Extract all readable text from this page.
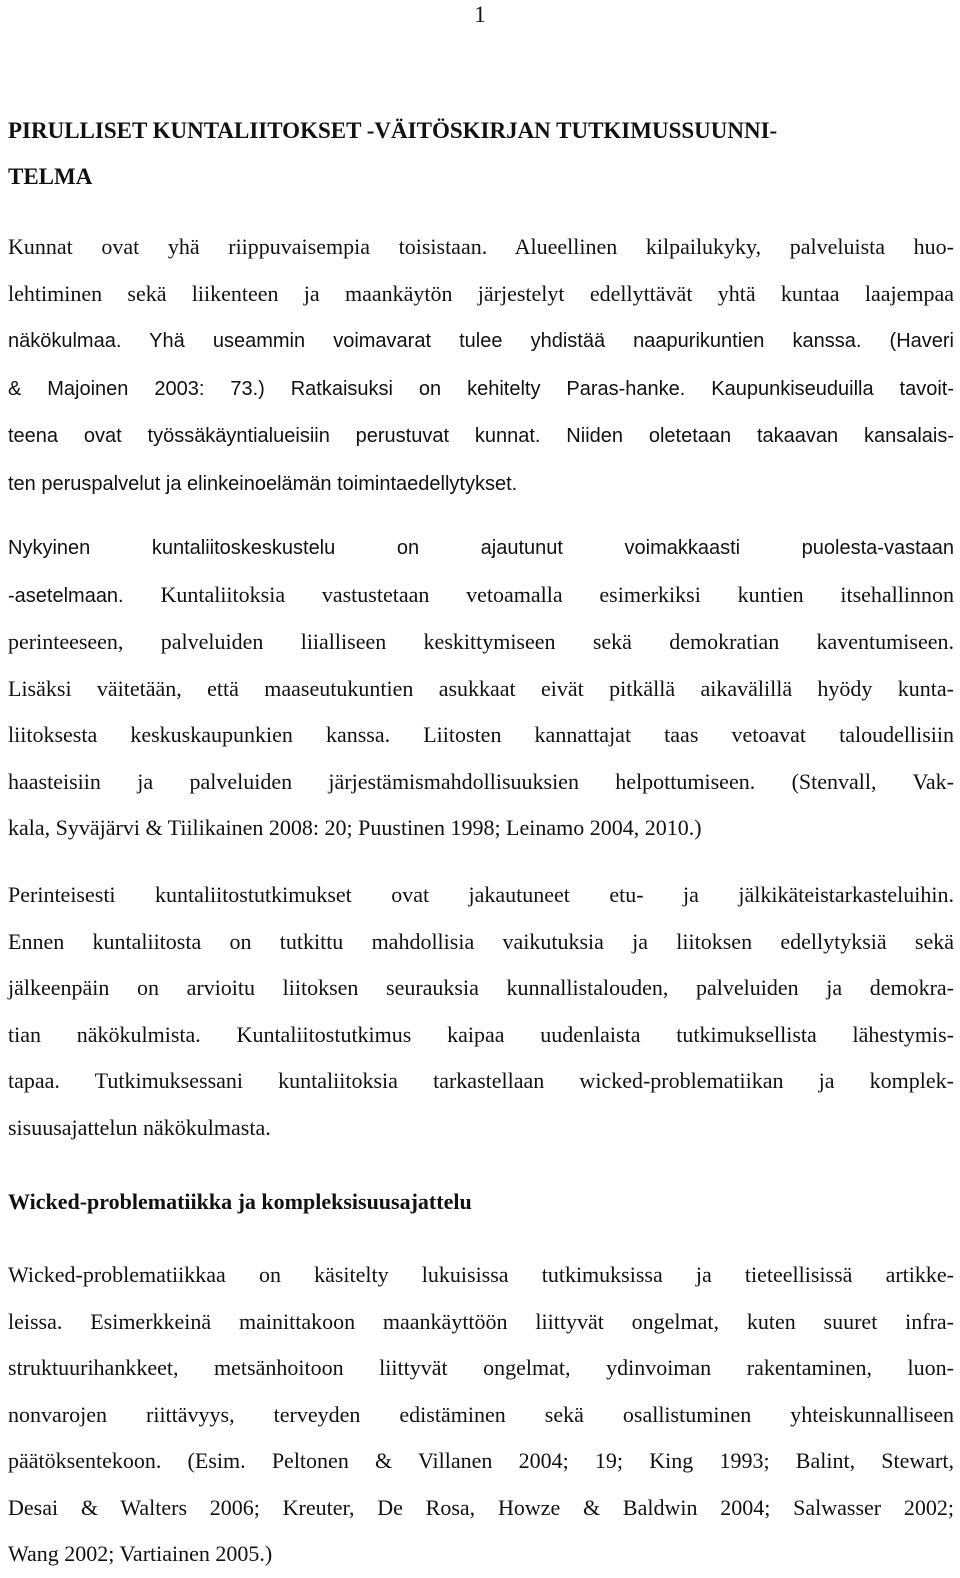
1
PIRULLISET KUNTALIITOKSET -VÄITÖSKIRJAN TUTKIMUSSUUNNI-
TELMA
Kunnat ovat yhä riippuvaisempia toisistaan. Alueellinen kilpailukyky, palveluista huo-
lehtiminen sekä liikenteen ja maankäytön järjestelyt edellyttävät yhtä kuntaa laajempaa
näkökulmaa. Yhä useammin voimavarat tulee yhdistää naapurikuntien kanssa. (Haveri
& Majoinen 2003: 73.) Ratkaisuksi on kehitelty Paras-hanke. Kaupunkiseuduilla tavoit-
teena ovat työssäkäyntialueisiin perustuvat kunnat. Niiden oletetaan takaavan kansalais-
ten peruspalvelut ja elinkeinoelämän toimintaedellytykset.
Nykyinen kuntaliitoskeskustelu on ajautunut voimakkaasti puolesta-vastaan
-asetelmaan. Kuntaliitoksia vastustetaan vetoamalla esimerkiksi kuntien itsehallinnon
perinteeseen, palveluiden liialliseen keskittymiseen sekä demokratian kaventumiseen.
Lisäksi väitetään, että maaseutukuntien asukkaat eivät pitkällä aikavälillä hyödy kunta-
liitoksesta keskuskaupunkien kanssa. Liitosten kannattajat taas vetoavat taloudellisiin
haasteisiin ja palveluiden järjestämismahdollisuuksien helpottumiseen. (Stenvall, Vak-
kala, Syväjärvi & Tiilikainen 2008: 20; Puustinen 1998; Leinamo 2004, 2010.)
Perinteisesti kuntaliitostutkimukset ovat jakautuneet etu- ja jälkikäteistarkasteluihin.
Ennen kuntaliitosta on tutkittu mahdollisia vaikutuksia ja liitoksen edellytyksiä sekä
jälkeenpäin on arvioitu liitoksen seurauksia kunnallistalouden, palveluiden ja demokra-
tian näkökulmista. Kuntaliitostutkimus kaipaa uudenlaista tutkimuksellista lähestymis-
tapaa. Tutkimuksessani kuntaliitoksia tarkastellaan wicked-problematiikan ja komplek-
sisuusajattelun näkökulmasta.
Wicked-problematiikka ja kompleksisuusajattelu
Wicked-problematiikkaa on käsitelty lukuisissa tutkimuksissa ja tieteellisissä artikke-
leissa. Esimerkkeinä mainittakoon maankäyttöön liittyvät ongelmat, kuten suuret infra-
struktuurihankkeet, metsänhoitoon liittyvät ongelmat, ydinvoiman rakentaminen, luon-
nonvarojen riittävyys, terveyden edistäminen sekä osallistuminen yhteiskunnalliseen
päätöksentekoon. (Esim. Peltonen & Villanen 2004; 19; King 1993; Balint, Stewart,
Desai & Walters 2006; Kreuter, De Rosa, Howze & Baldwin 2004; Salwasser 2002;
Wang 2002; Vartiainen 2005.)
